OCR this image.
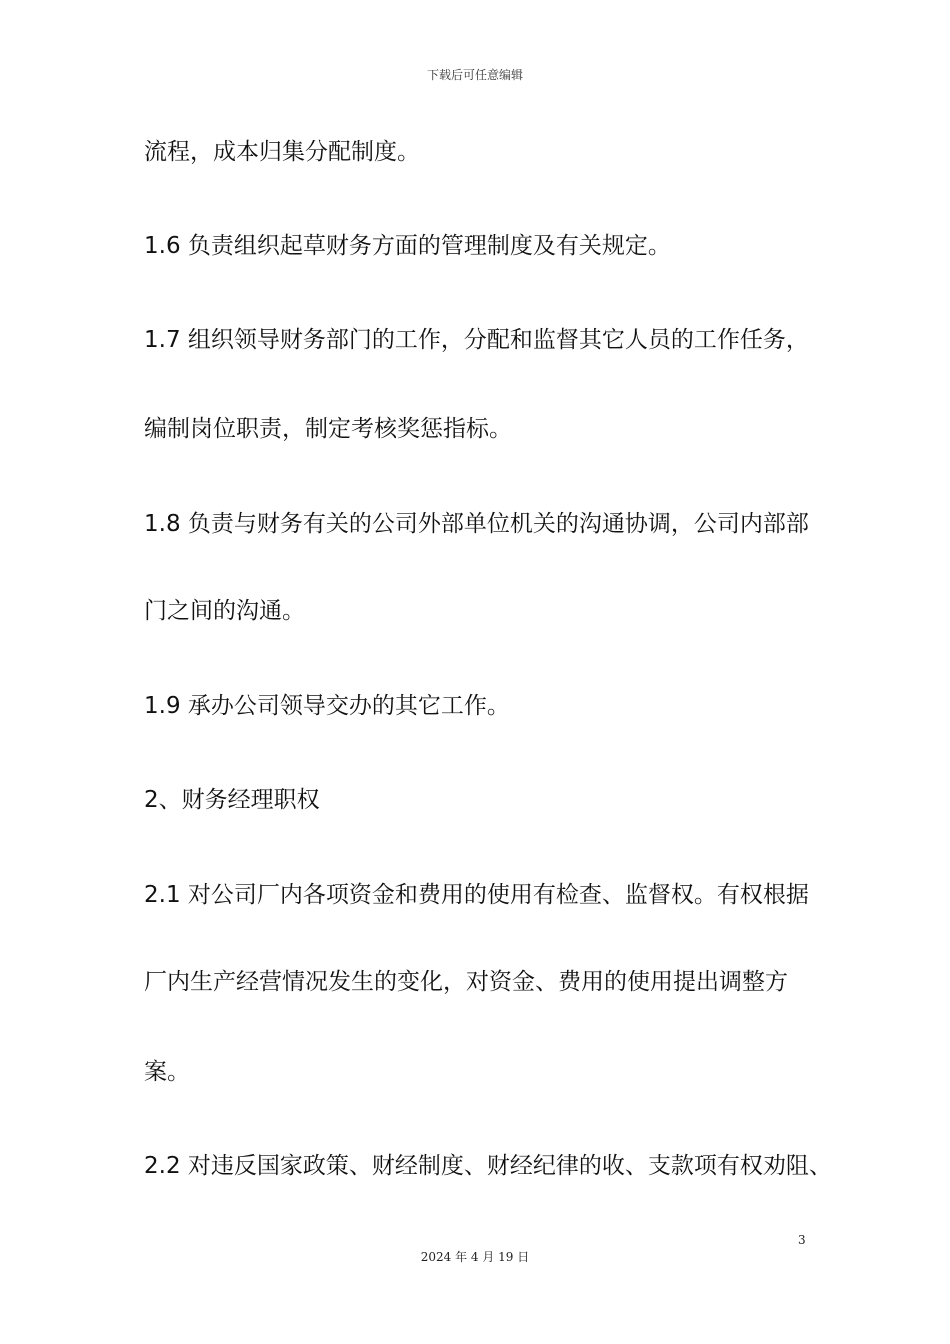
下载后可任意编辑
流程，成本归集分配制度。
1.6 负责组织起草财务方面的管理制度及有关规定。
1.7 组织领导财务部门的工作，分配和监督其它人员的工作任务，
编制岗位职责，制定考核奖惩指标。
1.8 负责与财务有关的公司外部单位机关的沟通协调，公司内部部
门之间的沟通。
1.9 承办公司领导交办的其它工作。
2、财务经理职权
2.1 对公司厂内各项资金和费用的使用有检查、监督权。有权根据
厂内生产经营情况发生的变化，对资金、费用的使用提出调整方
案。
2.2 对违反国家政策、财经制度、财经纪律的收、支款项有权劝阻、
3
2024 年 4 月 19 日
